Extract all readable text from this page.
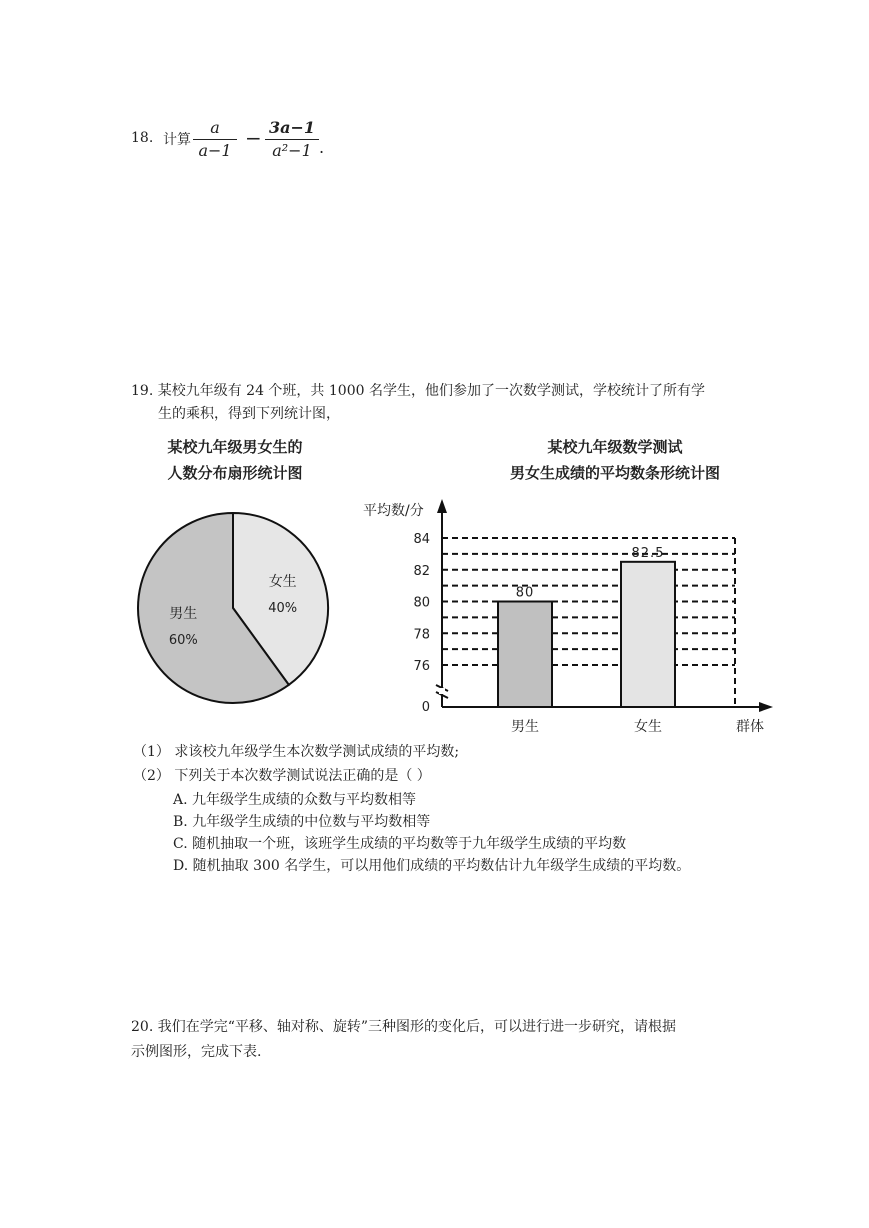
18. 计算
a
a−1
− 3a−1
a²−1 .
19. 某校九年级有 24 个班，共 1000 名学生，他们参加了一次数学测试，学校统计了所有学
生的乘积，得到下列统计图，
某校九年级男女生的
人数分布扇形统计图
某校九年级数学测试
男女生成绩的平均数条形统计图
女生
40%
男生
60%
平均数/分
76
78
80
82
84
0
80
男生
82.5
女生	群体
（1） 求该校九年级学生本次数学测试成绩的平均数;
（2） 下列关于本次数学测试说法正确的是（ ）
A. 九年级学生成绩的众数与平均数相等
B. 九年级学生成绩的中位数与平均数相等
C. 随机抽取一个班，该班学生成绩的平均数等于九年级学生成绩的平均数
D. 随机抽取 300 名学生，可以用他们成绩的平均数估计九年级学生成绩的平均数。
20. 我们在学完“平移、轴对称、旋转”三种图形的变化后，可以进行进一步研究，请根据
示例图形，完成下表.
